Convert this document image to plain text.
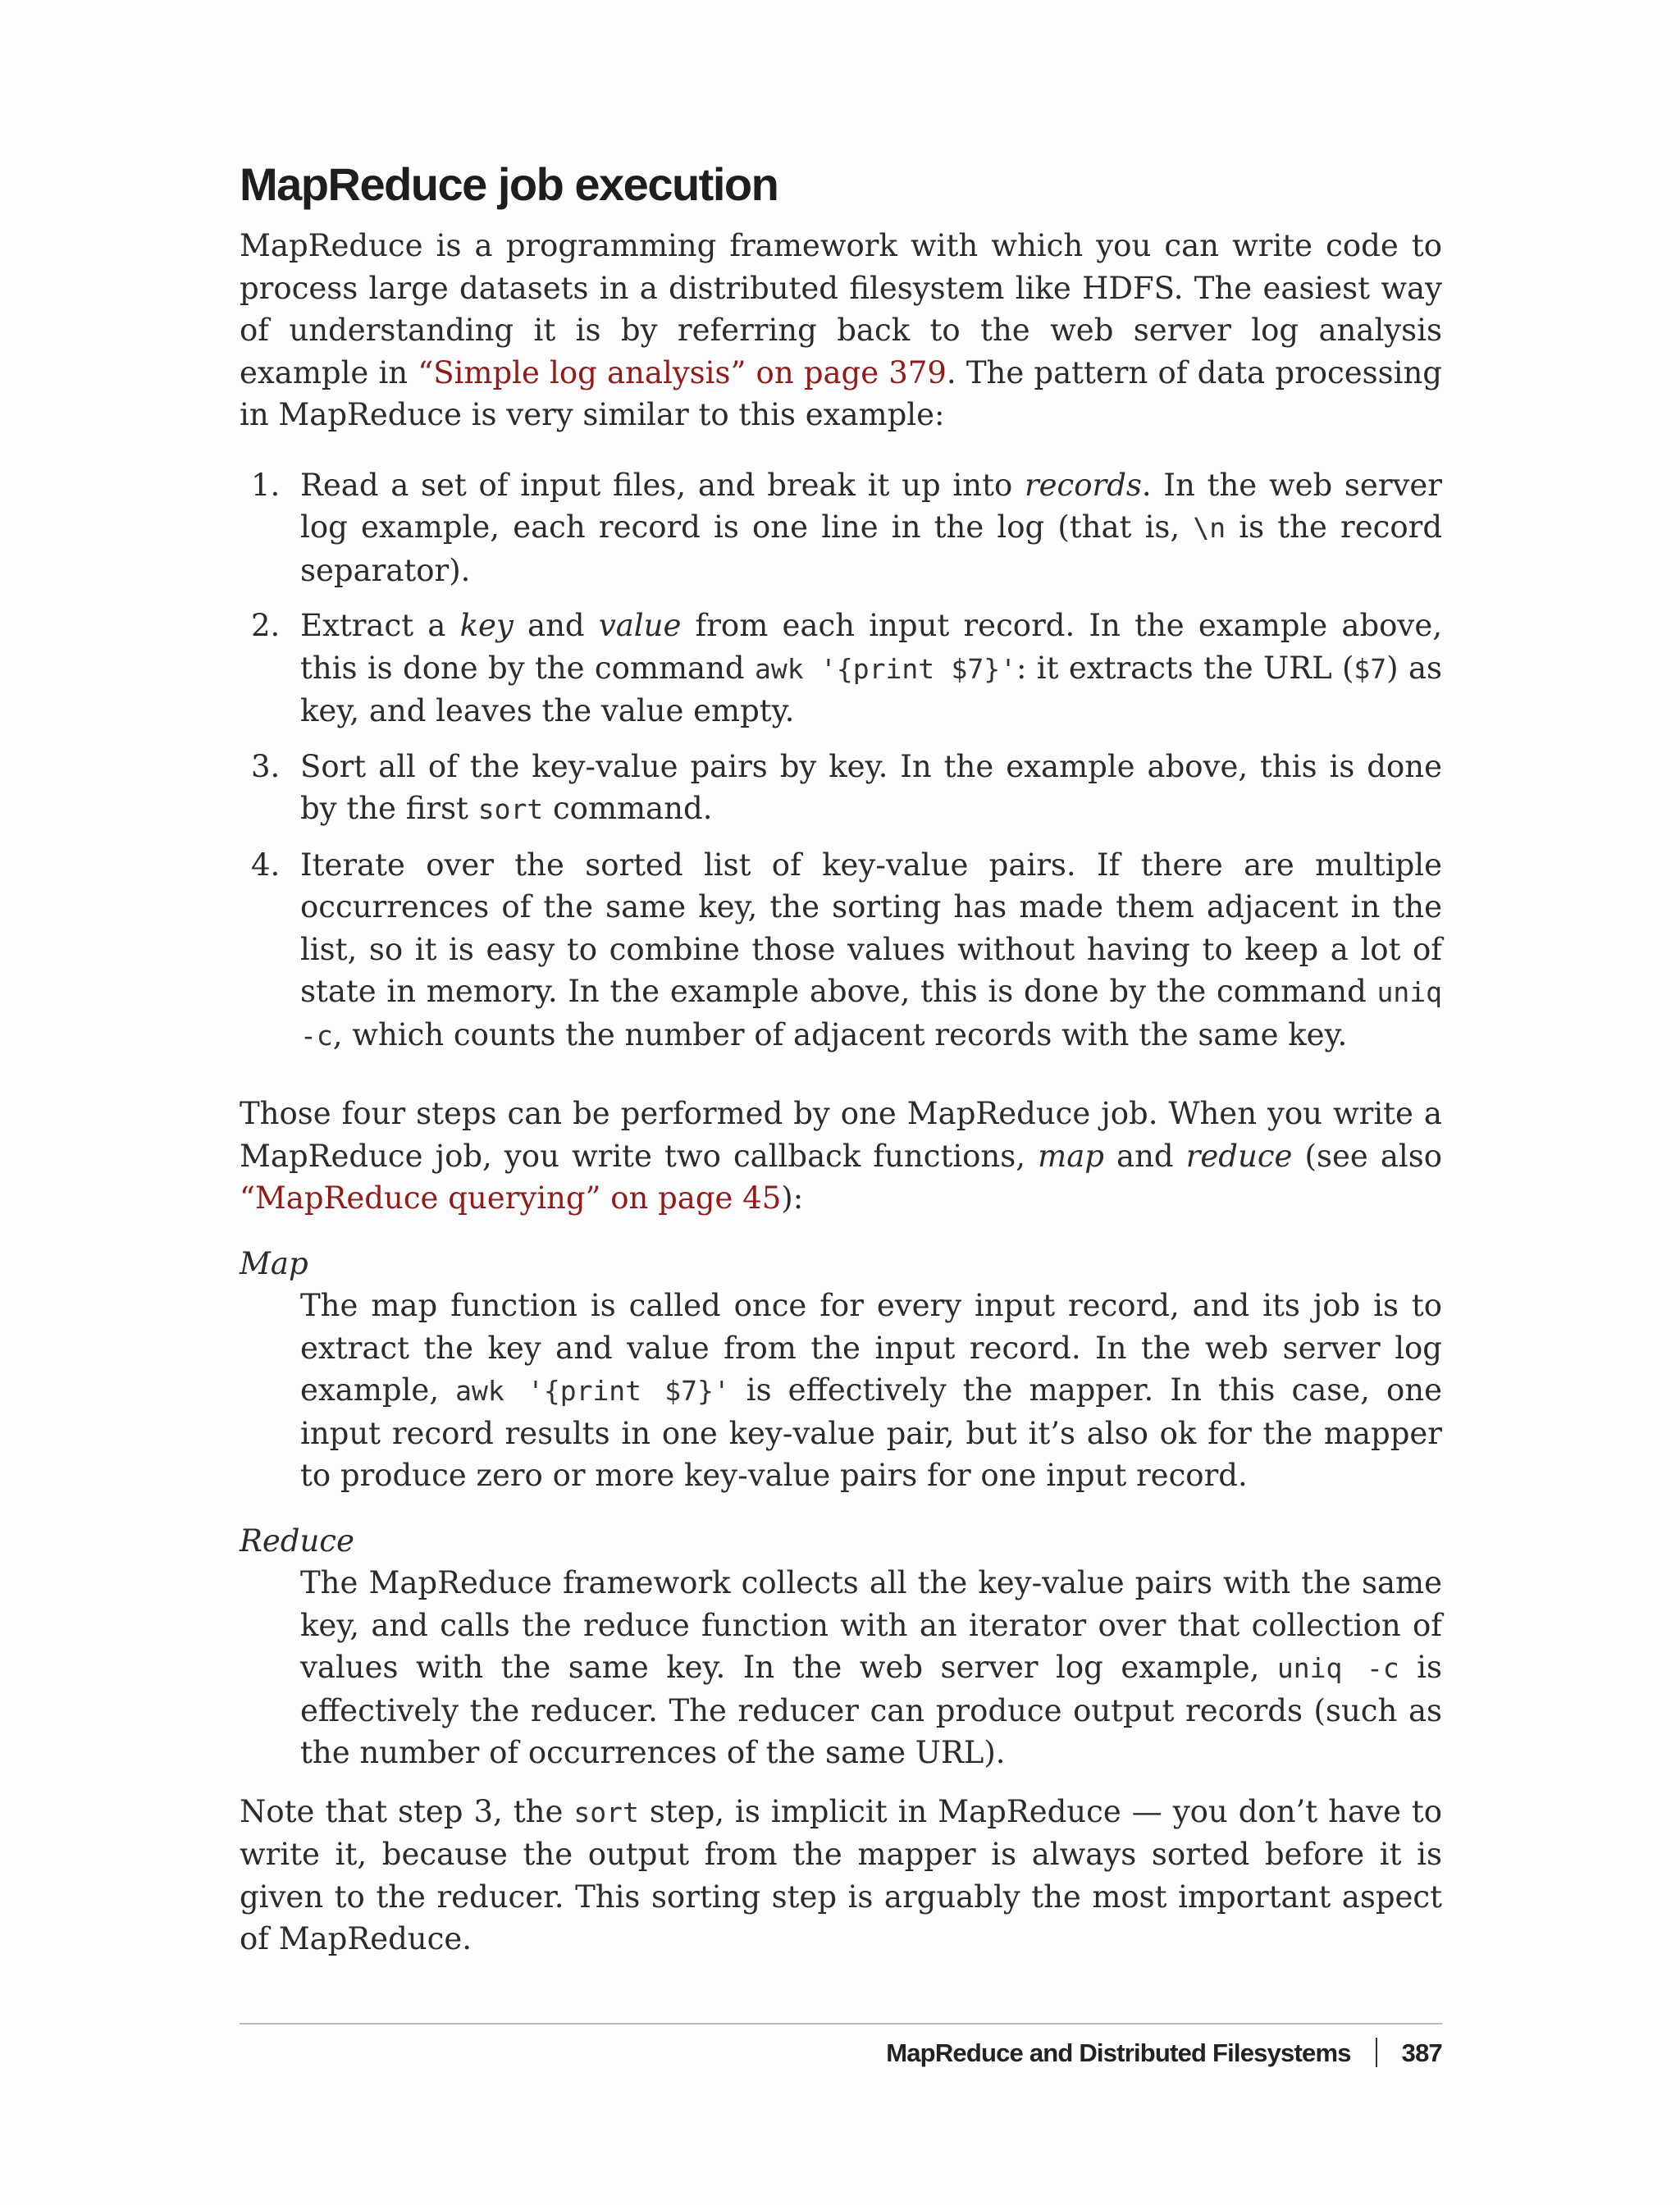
MapReduce job execution

MapReduce is a programming framework with which you can write code to process large datasets in a distributed filesystem like HDFS. The easiest way of understanding it is by referring back to the web server log analysis example in “Simple log analysis” on page 379. The pattern of data processing in MapReduce is very similar to this example:

1. Read a set of input files, and break it up into records. In the web server log example, each record is one line in the log (that is, \n is the record separator).
2. Extract a key and value from each input record. In the example above, this is done by the command awk '{print $7}': it extracts the URL ($7) as key, and leaves the value empty.
3. Sort all of the key-value pairs by key. In the example above, this is done by the first sort command.
4. Iterate over the sorted list of key-value pairs. If there are multiple occurrences of the same key, the sorting has made them adjacent in the list, so it is easy to combine those values without having to keep a lot of state in memory. In the example above, this is done by the command uniq -c, which counts the number of adjacent records with the same key.

Those four steps can be performed by one MapReduce job. When you write a MapReduce job, you write two callback functions, map and reduce (see also “MapReduce querying” on page 45):

Map
The map function is called once for every input record, and its job is to extract the key and value from the input record. In the web server log example, awk '{print $7}' is effectively the mapper. In this case, one input record results in one key-value pair, but it’s also ok for the mapper to produce zero or more key-value pairs for one input record.
Reduce
The MapReduce framework collects all the key-value pairs with the same key, and calls the reduce function with an iterator over that collection of values with the same key. In the web server log example, uniq -c is effectively the reducer. The reducer can produce output records (such as the number of occurrences of the same URL).

Note that step 3, the sort step, is implicit in MapReduce — you don’t have to write it, because the output from the mapper is always sorted before it is given to the reducer. This sorting step is arguably the most important aspect of MapReduce.

MapReduce and Distributed Filesystems 387
